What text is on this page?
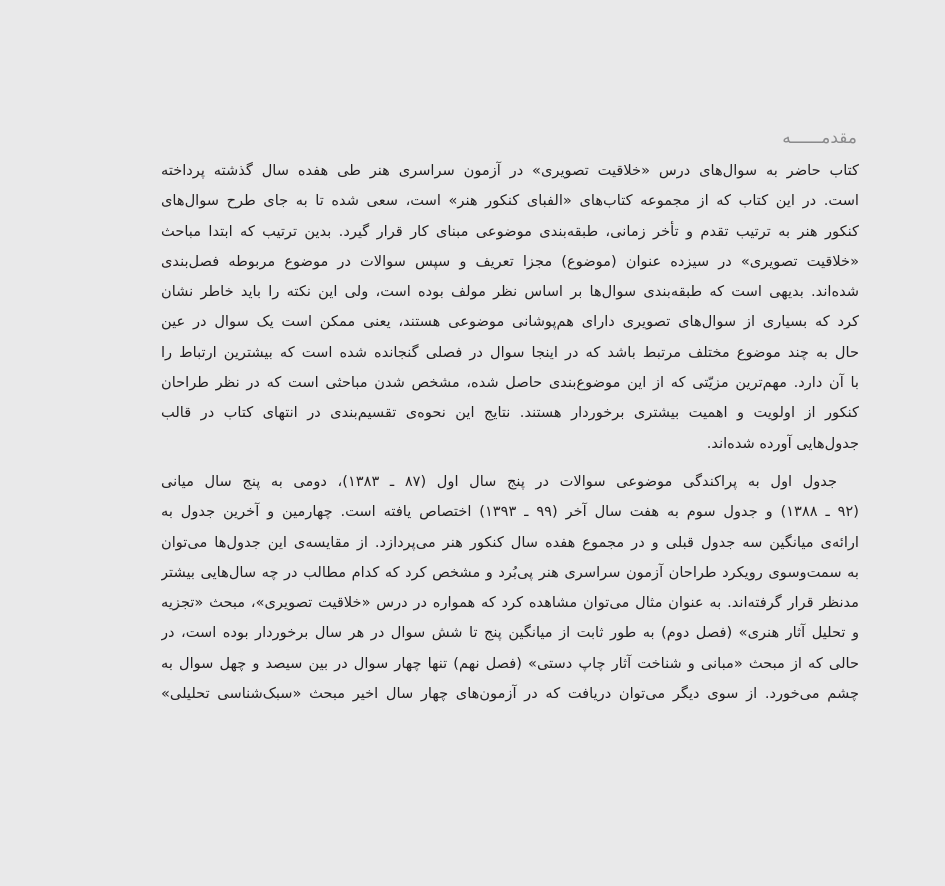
مقدمــــــه
کتاب حاضر به سوال‌های درس «خلاقیت تصویری» در آزمون سراسری هنر طی هفده سال گذشته پرداخته
است. در این کتاب که از مجموعه کتاب‌های «الفبای کنکور هنر» است، سعی شده تا به جای طرح سوال‌های
کنکور هنر به ترتیب تقدم و تأخر زمانی، طبقه‌بندی موضوعی مبنای کار قرار گیرد. بدین ترتیب که ابتدا مباحث
«خلاقیت تصویری» در سیزده عنوان (موضوع) مجزا تعریف و سپس سوالات در موضوع مربوطه فصل‌بندی
شده‌اند. بدیهی است که طبقه‌بندی سوال‌ها بر اساس نظر مولف بوده است، ولی این نکته را باید خاطر نشان
کرد که بسیاری از سوال‌های تصویری دارای هم‌پوشانی موضوعی هستند، یعنی ممکن است یک سوال در عین
حال به چند موضوع مختلف مرتبط باشد که در اینجا سوال در فصلی گنجانده شده است که بیشترین ارتباط را
با آن دارد. مهم‌ترین مزیّتی که از این موضوع‌بندی حاصل شده، مشخص شدن مباحثی است که در نظر طراحان
کنکور از اولویت و اهمیت بیشتری برخوردار هستند. نتایج این نحوه‌ی تقسیم‌بندی در انتهای کتاب در قالب
جدول‌هایی آورده شده‌اند.
جدول اول به پراکندگی موضوعی سوالات در پنج سال اول (۸۷ ـ ۱۳۸۳)، دومی به پنج سال میانی
(۹۲ ـ ۱۳۸۸) و جدول سوم به هفت سال آخر (۹۹ ـ ۱۳۹۳) اختصاص یافته است. چهارمین و آخرین جدول به
ارائه‌ی میانگین سه جدول قبلی و در مجموع هفده سال کنکور هنر می‌پردازد. از مقایسه‌ی این جدول‌ها می‌توان
به سمت‌وسوی رویکرد طراحان آزمون سراسری هنر پی‌بُرد و مشخص کرد که کدام مطالب در چه سال‌هایی بیشتر
مدنظر قرار گرفته‌اند. به عنوان مثال می‌توان مشاهده کرد که همواره در درس «خلاقیت تصویری»، مبحث «تجزیه
و تحلیل آثار هنری» (فصل دوم) به طور ثابت از میانگین پنج تا شش سوال در هر سال برخوردار بوده است، در
حالی که از مبحث «مبانی و شناخت آثار چاپ دستی» (فصل نهم) تنها چهار سوال در بین سیصد و چهل سوال به
چشم می‌خورد. از سوی دیگر می‌توان دریافت که در آزمون‌های چهار سال اخیر مبحث «سبک‌شناسی تحلیلی»
